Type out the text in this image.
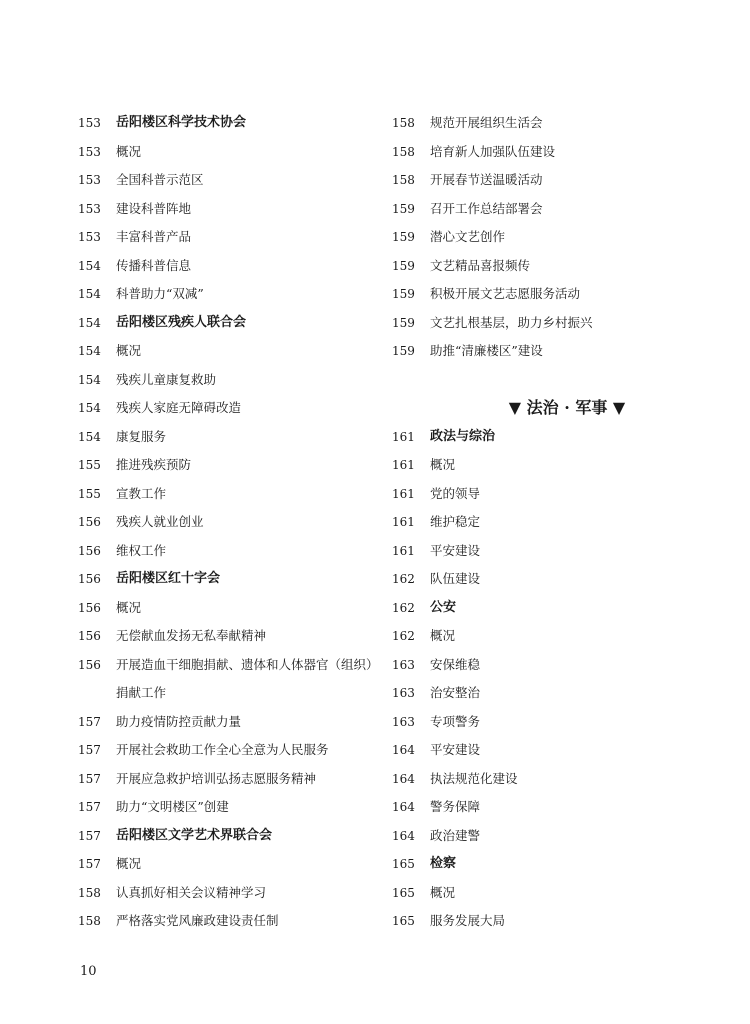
153	岳阳楼区科学技术协会
153	概况
153	全国科普示范区
153	建设科普阵地
153	丰富科普产品
154	传播科普信息
154	科普助力“双减”
154	岳阳楼区残疾人联合会
154	概况
154	残疾儿童康复救助
154	残疾人家庭无障碍改造
154	康复服务
155	推进残疾预防
155	宣教工作
156	残疾人就业创业
156	维权工作
156	岳阳楼区红十字会
156	概况
156	无偿献血发扬无私奉献精神
156	开展造血干细胞捐献、遗体和人体器官（组织）
捐献工作
157	助力疫情防控贡献力量
157	开展社会救助工作全心全意为人民服务
157	开展应急救护培训弘扬志愿服务精神
157	助力“文明楼区”创建
157	岳阳楼区文学艺术界联合会
157	概况
158	认真抓好相关会议精神学习
158	严格落实党风廉政建设责任制
158	规范开展组织生活会
158	培育新人加强队伍建设
158	开展春节送温暖活动
159	召开工作总结部署会
159	潜心文艺创作
159	文艺精品喜报频传
159	积极开展文艺志愿服务活动
159	文艺扎根基层，助力乡村振兴
159	助推“清廉楼区”建设
▼ 法治 · 军事 ▼
161	政法与综治
161	概况
161	党的领导
161	维护稳定
161	平安建设
162	队伍建设
162	公安
162	概况
163	安保维稳
163	治安整治
163	专项警务
164	平安建设
164	执法规范化建设
164	警务保障
164	政治建警
165	检察
165	概况
165	服务发展大局
10
